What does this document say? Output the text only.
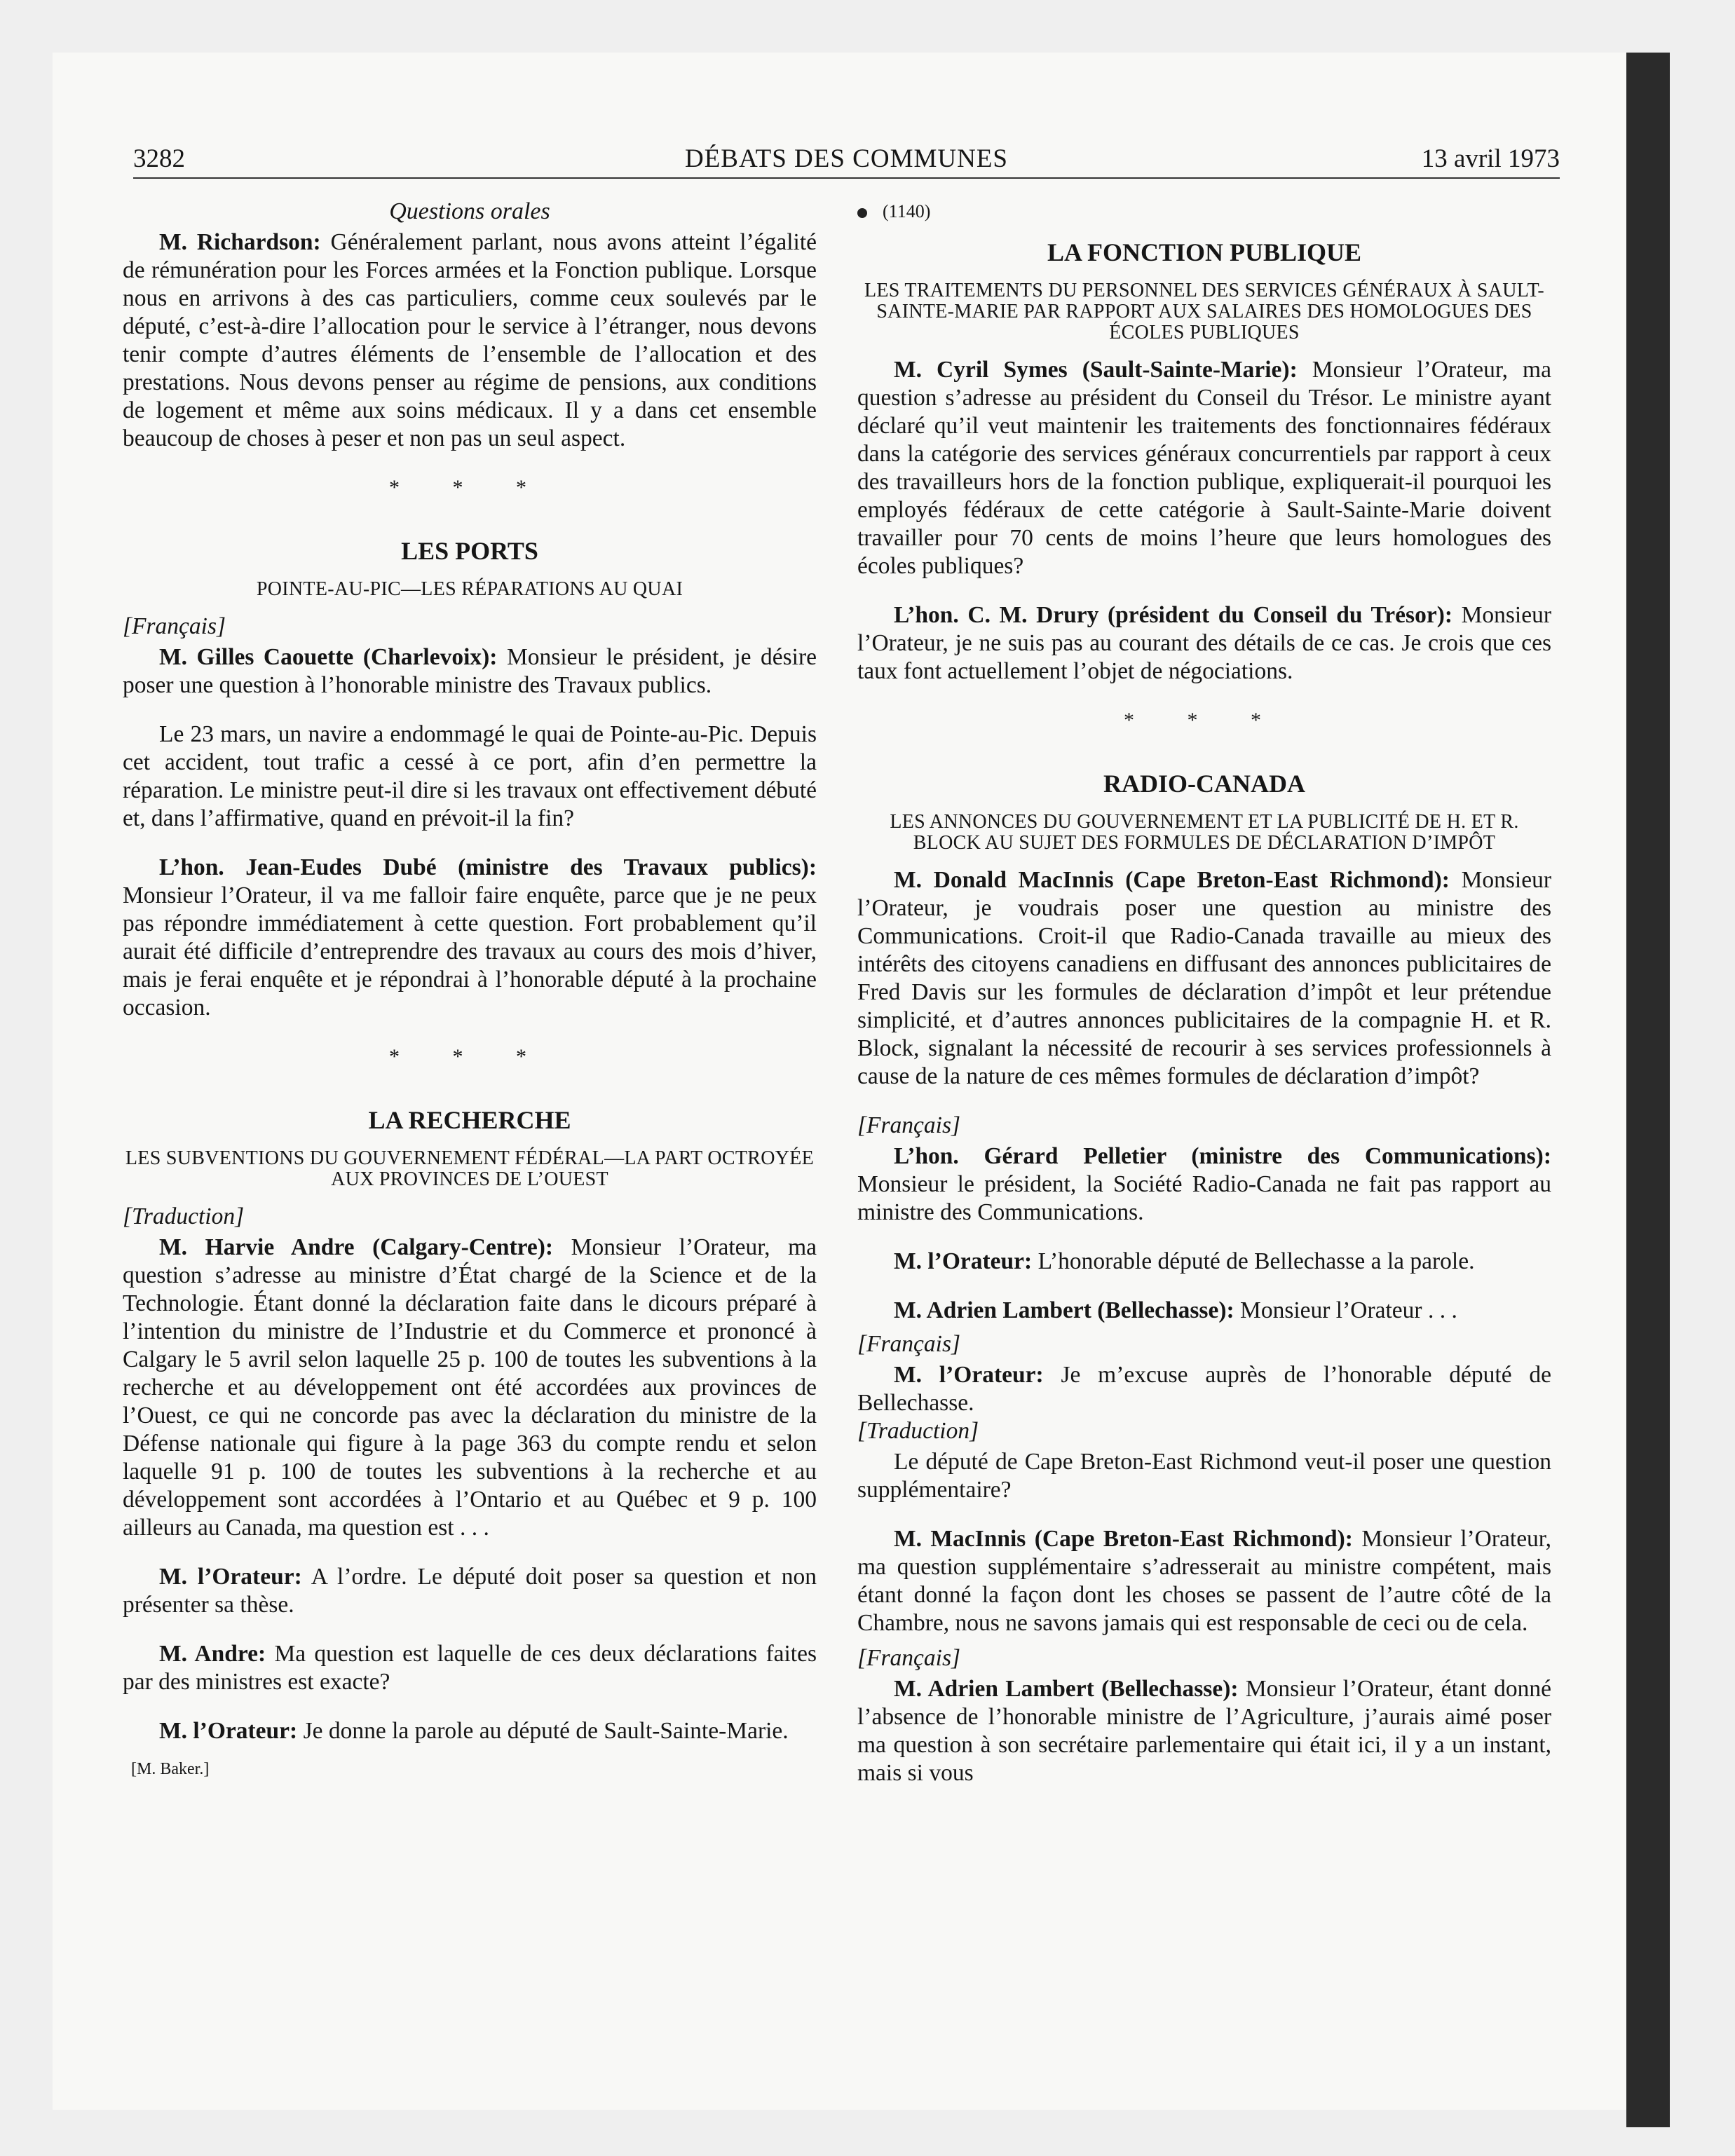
3282	DÉBATS DES COMMUNES	13 avril 1973
Questions orales

M. Richardson: Généralement parlant, nous avons atteint l’égalité de rémunération pour les Forces armées et la Fonction publique. Lorsque nous en arrivons à des cas particuliers, comme ceux soulevés par le député, c’est-à-dire l’allocation pour le service à l’étranger, nous devons tenir compte d’autres éléments de l’ensemble de l’allocation et des prestations. Nous devons penser au régime de pensions, aux conditions de logement et même aux soins médicaux. Il y a dans cet ensemble beaucoup de choses à peser et non pas un seul aspect.

* * *
LES PORTS
POINTE-AU-PIC—LES RÉPARATIONS AU QUAI
[Français]

M. Gilles Caouette (Charlevoix): Monsieur le président, je désire poser une question à l’honorable ministre des Travaux publics.

Le 23 mars, un navire a endommagé le quai de Pointe-au-Pic. Depuis cet accident, tout trafic a cessé à ce port, afin d’en permettre la réparation. Le ministre peut-il dire si les travaux ont effectivement débuté et, dans l’affirmative, quand en prévoit-il la fin?

L’hon. Jean-Eudes Dubé (ministre des Travaux publics): Monsieur l’Orateur, il va me falloir faire enquête, parce que je ne peux pas répondre immédiatement à cette question. Fort probablement qu’il aurait été difficile d’entreprendre des travaux au cours des mois d’hiver, mais je ferai enquête et je répondrai à l’honorable député à la prochaine occasion.

* * *
LA RECHERCHE
LES SUBVENTIONS DU GOUVERNEMENT FÉDÉRAL—LA PART OCTROYÉE AUX PROVINCES DE L’OUEST
[Traduction]

M. Harvie Andre (Calgary-Centre): Monsieur l’Orateur, ma question s’adresse au ministre d’État chargé de la Science et de la Technologie. Étant donné la déclaration faite dans le dicours préparé à l’intention du ministre de l’Industrie et du Commerce et prononcé à Calgary le 5 avril selon laquelle 25 p. 100 de toutes les subventions à la recherche et au développement ont été accordées aux provinces de l’Ouest, ce qui ne concorde pas avec la déclaration du ministre de la Défense nationale qui figure à la page 363 du compte rendu et selon laquelle 91 p. 100 de toutes les subventions à la recherche et au développement sont accordées à l’Ontario et au Québec et 9 p. 100 ailleurs au Canada, ma question est . . .

M. l’Orateur: A l’ordre. Le député doit poser sa question et non présenter sa thèse.

M. Andre: Ma question est laquelle de ces deux déclarations faites par des ministres est exacte?

M. l’Orateur: Je donne la parole au député de Sault-Sainte-Marie.

[M. Baker.]
(1140)
LA FONCTION PUBLIQUE
LES TRAITEMENTS DU PERSONNEL DES SERVICES GÉNÉRAUX À SAULT-SAINTE-MARIE PAR RAPPORT AUX SALAIRES DES HOMOLOGUES DES ÉCOLES PUBLIQUES

M. Cyril Symes (Sault-Sainte-Marie): Monsieur l’Orateur, ma question s’adresse au président du Conseil du Trésor. Le ministre ayant déclaré qu’il veut maintenir les traitements des fonctionnaires fédéraux dans la catégorie des services généraux concurrentiels par rapport à ceux des travailleurs hors de la fonction publique, expliquerait-il pourquoi les employés fédéraux de cette catégorie à Sault-Sainte-Marie doivent travailler pour 70 cents de moins l’heure que leurs homologues des écoles publiques?

L’hon. C. M. Drury (président du Conseil du Trésor): Monsieur l’Orateur, je ne suis pas au courant des détails de ce cas. Je crois que ces taux font actuellement l’objet de négociations.

* * *
RADIO-CANADA
LES ANNONCES DU GOUVERNEMENT ET LA PUBLICITÉ DE H. ET R. BLOCK AU SUJET DES FORMULES DE DÉCLARATION D’IMPÔT

M. Donald MacInnis (Cape Breton-East Richmond): Monsieur l’Orateur, je voudrais poser une question au ministre des Communications. Croit-il que Radio-Canada travaille au mieux des intérêts des citoyens canadiens en diffusant des annonces publicitaires de Fred Davis sur les formules de déclaration d’impôt et leur prétendue simplicité, et d’autres annonces publicitaires de la compagnie H. et R. Block, signalant la nécessité de recourir à ses services professionnels à cause de la nature de ces mêmes formules de déclaration d’impôt?

[Français]

L’hon. Gérard Pelletier (ministre des Communications): Monsieur le président, la Société Radio-Canada ne fait pas rapport au ministre des Communications.

M. l’Orateur: L’honorable député de Bellechasse a la parole.

M. Adrien Lambert (Bellechasse): Monsieur l’Orateur . . .

[Français]

M. l’Orateur: Je m’excuse auprès de l’honorable député de Bellechasse.

[Traduction]

Le député de Cape Breton-East Richmond veut-il poser une question supplémentaire?

M. MacInnis (Cape Breton-East Richmond): Monsieur l’Orateur, ma question supplémentaire s’adresserait au ministre compétent, mais étant donné la façon dont les choses se passent de l’autre côté de la Chambre, nous ne savons jamais qui est responsable de ceci ou de cela.

[Français]

M. Adrien Lambert (Bellechasse): Monsieur l’Orateur, étant donné l’absence de l’honorable ministre de l’Agriculture, j’aurais aimé poser ma question à son secrétaire parlementaire qui était ici, il y a un instant, mais si vous
